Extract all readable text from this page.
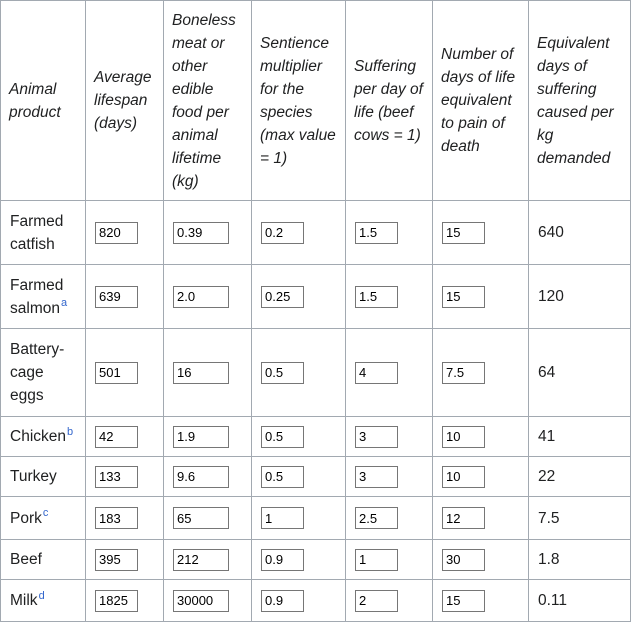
Animal product	Average lifespan (days)	Boneless meat or other edible food per animal lifetime (kg)	Sentience multiplier for the species (max value = 1)	Suffering per day of life (beef cows = 1)	Number of days of life equivalent to pain of death	Equivalent days of suffering caused per kg demanded
Farmed catfish	820	0.39	0.2	1.5	15	640
Farmed salmon$^a$	639	2.0	0.25	1.5	15	120
Battery-cage eggs	501	16	0.5	4	7.5	64
Chicken$^b$	42	1.9	0.5	3	10	41
Turkey	133	9.6	0.5	3	10	22
Pork$^c$	183	65	1	2.5	12	7.5
Beef	395	212	0.9	1	30	1.8
Milk$^d$	1825	30000	0.9	2	15	0.11
